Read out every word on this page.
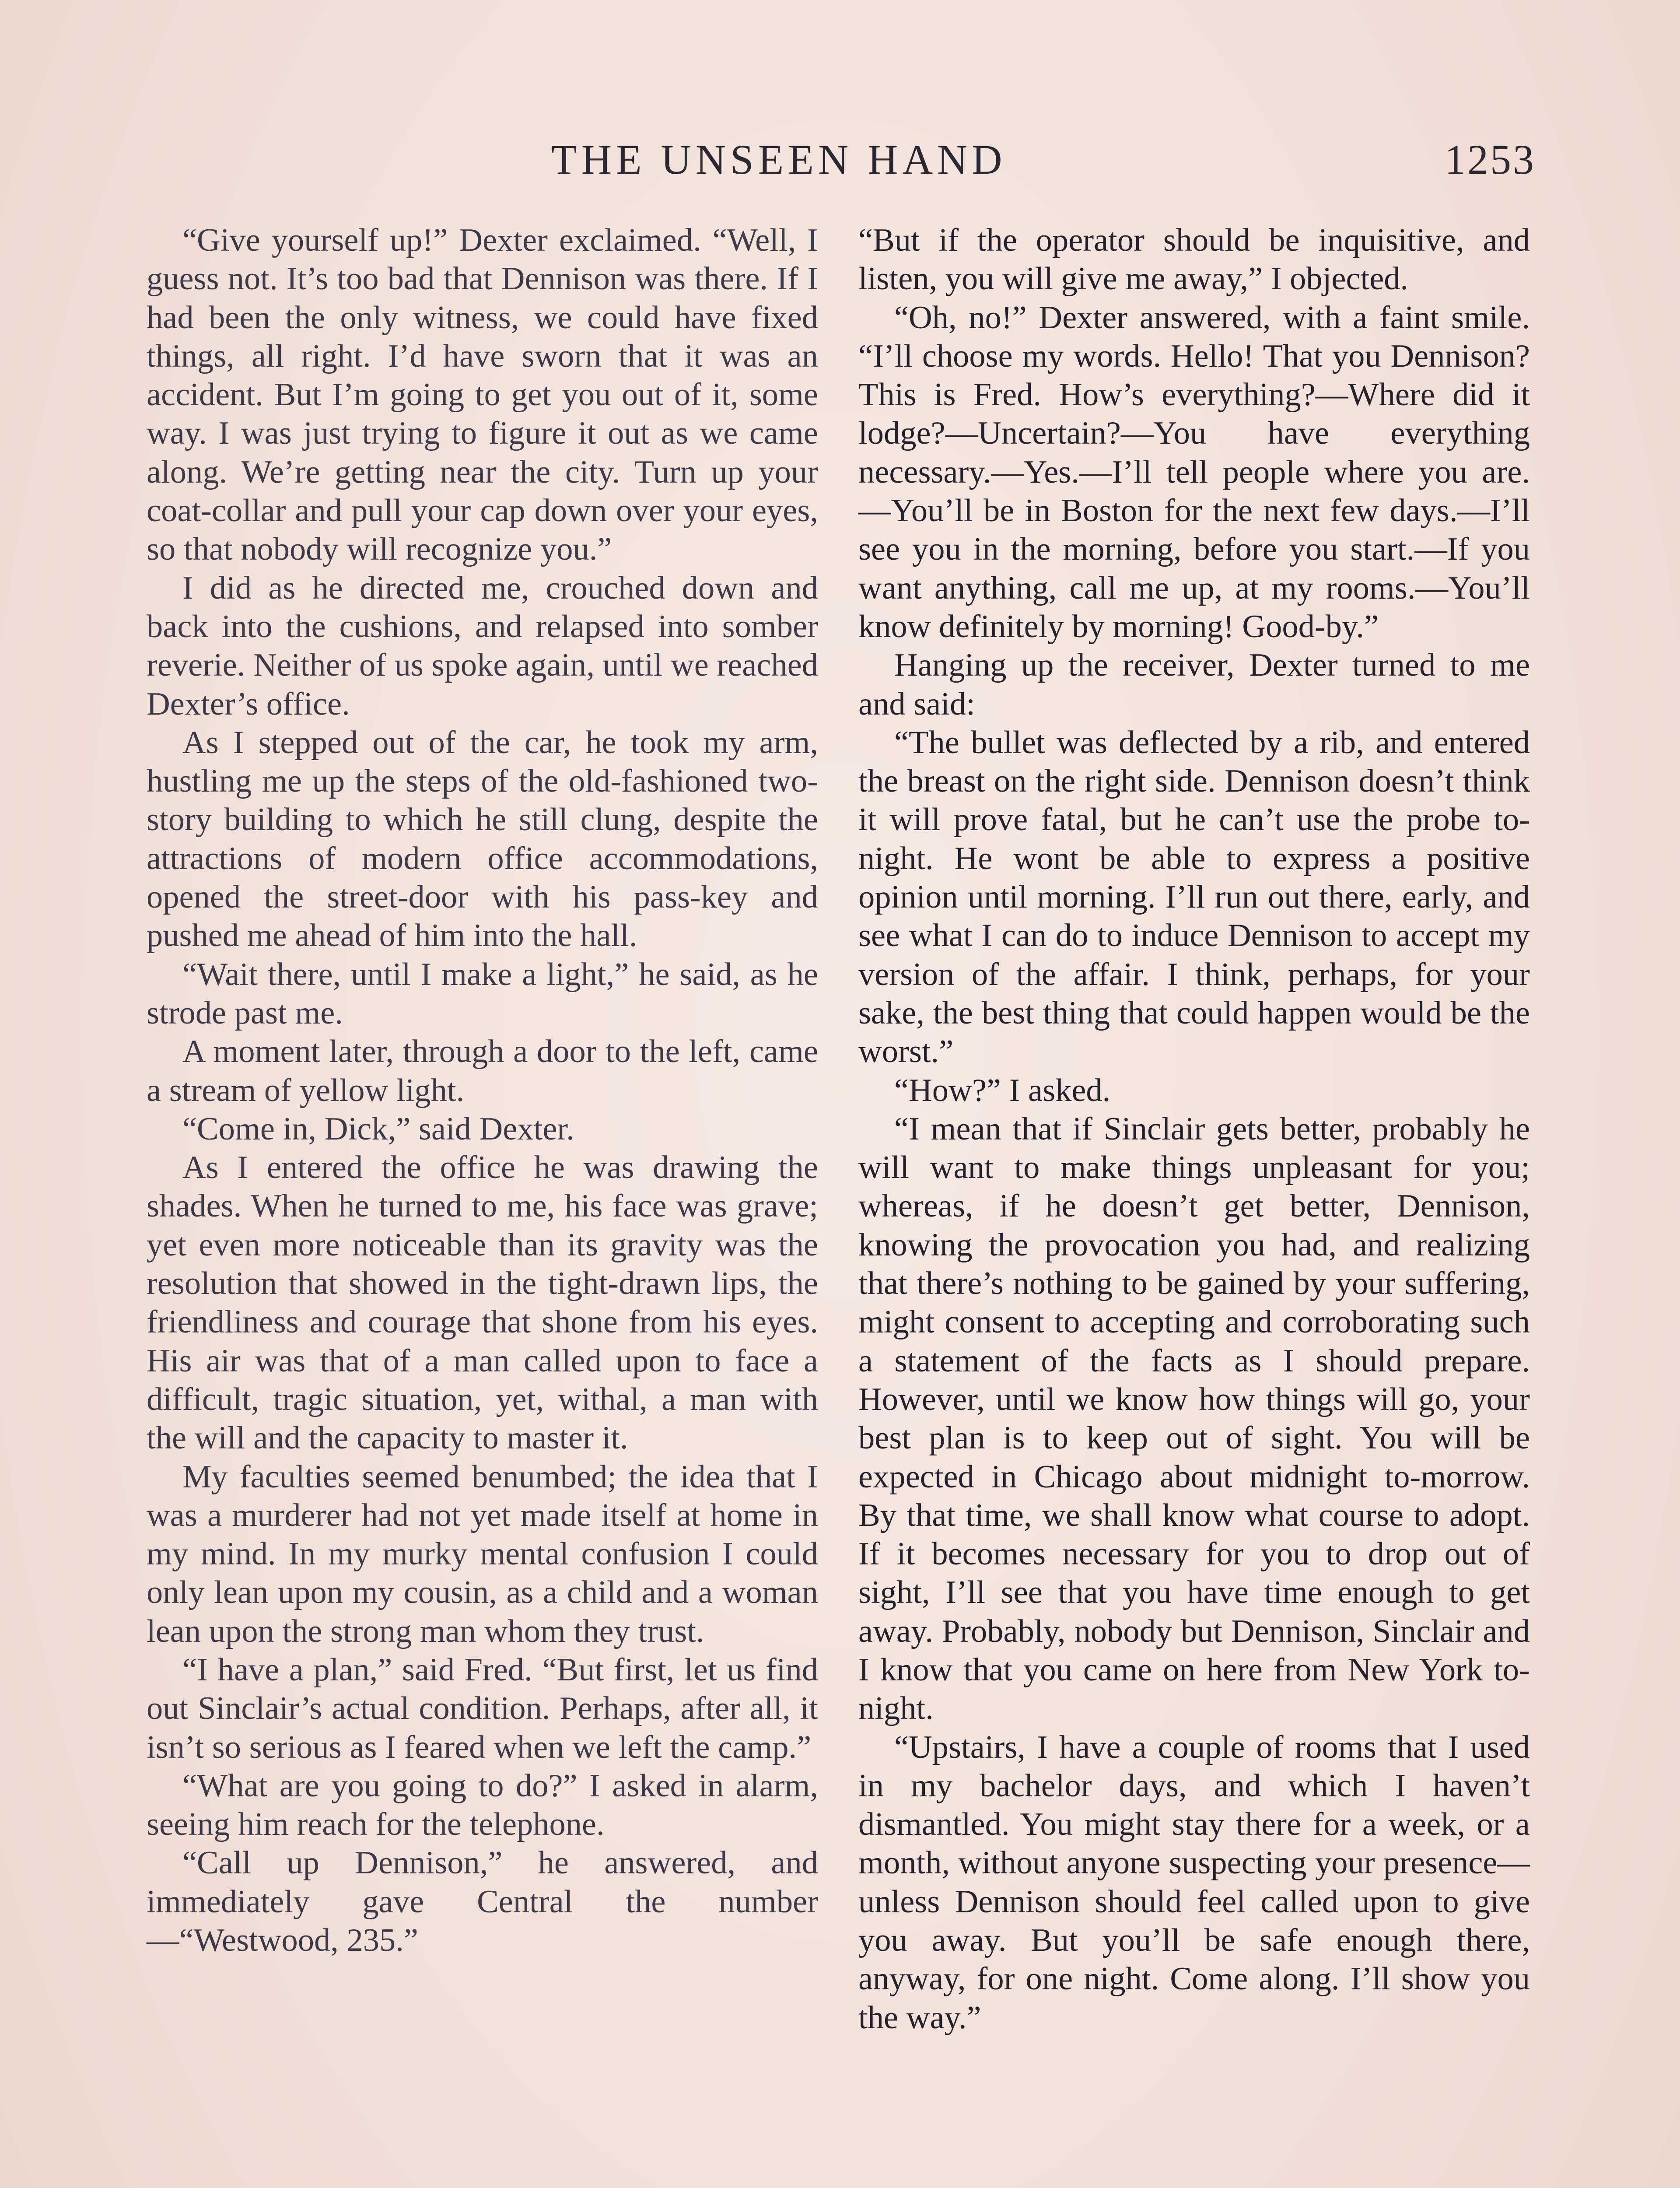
THE UNSEEN HAND	1253

“Give yourself up!” Dexter exclaimed. “Well, I guess not. It’s too bad that Dennison was there. If I had been the only witness, we could have fixed things, all right. I’d have sworn that it was an accident. But I’m going to get you out of it, some way. I was just trying to figure it out as we came along. We’re getting near the city. Turn up your coat-collar and pull your cap down over your eyes, so that nobody will recognize you.”

I did as he directed me, crouched down and back into the cushions, and relapsed into somber reverie. Neither of us spoke again, until we reached Dexter’s office.

As I stepped out of the car, he took my arm, hustling me up the steps of the old-fashioned two-story building to which he still clung, despite the attractions of modern office accommodations, opened the street-door with his pass-key and pushed me ahead of him into the hall.

“Wait there, until I make a light,” he said, as he strode past me.

A moment later, through a door to the left, came a stream of yellow light.

“Come in, Dick,” said Dexter.

As I entered the office he was drawing the shades. When he turned to me, his face was grave; yet even more noticeable than its gravity was the resolution that showed in the tight-drawn lips, the friendliness and courage that shone from his eyes. His air was that of a man called upon to face a difficult, tragic situation, yet, withal, a man with the will and the capacity to master it.

My faculties seemed benumbed; the idea that I was a murderer had not yet made itself at home in my mind. In my murky mental confusion I could only lean upon my cousin, as a child and a woman lean upon the strong man whom they trust.

“I have a plan,” said Fred. “But first, let us find out Sinclair’s actual condition. Perhaps, after all, it isn’t so serious as I feared when we left the camp.”

“What are you going to do?” I asked in alarm, seeing him reach for the telephone.

“Call up Dennison,” he answered, and immediately gave Central the number—“Westwood, 235.”

“But if the operator should be inquisitive, and listen, you will give me away,” I objected.

“Oh, no!” Dexter answered, with a faint smile. “I’ll choose my words. Hello! That you Dennison? This is Fred. How’s everything?—Where did it lodge?—Uncertain?—You have everything necessary.—Yes.—I’ll tell people where you are.—You’ll be in Boston for the next few days.—I’ll see you in the morning, before you start.—If you want anything, call me up, at my rooms.—You’ll know definitely by morning! Good-by.”

Hanging up the receiver, Dexter turned to me and said:

“The bullet was deflected by a rib, and entered the breast on the right side. Dennison doesn’t think it will prove fatal, but he can’t use the probe to-night. He wont be able to express a positive opinion until morning. I’ll run out there, early, and see what I can do to induce Dennison to accept my version of the affair. I think, perhaps, for your sake, the best thing that could happen would be the worst.”

“How?” I asked.

“I mean that if Sinclair gets better, probably he will want to make things unpleasant for you; whereas, if he doesn’t get better, Dennison, knowing the provocation you had, and realizing that there’s nothing to be gained by your suffering, might consent to accepting and corroborating such a statement of the facts as I should prepare. However, until we know how things will go, your best plan is to keep out of sight. You will be expected in Chicago about midnight to-morrow. By that time, we shall know what course to adopt. If it becomes necessary for you to drop out of sight, I’ll see that you have time enough to get away. Probably, nobody but Dennison, Sinclair and I know that you came on here from New York to-night.

“Upstairs, I have a couple of rooms that I used in my bachelor days, and which I haven’t dismantled. You might stay there for a week, or a month, without anyone suspecting your presence—unless Dennison should feel called upon to give you away. But you’ll be safe enough there, anyway, for one night. Come along. I’ll show you the way.”
